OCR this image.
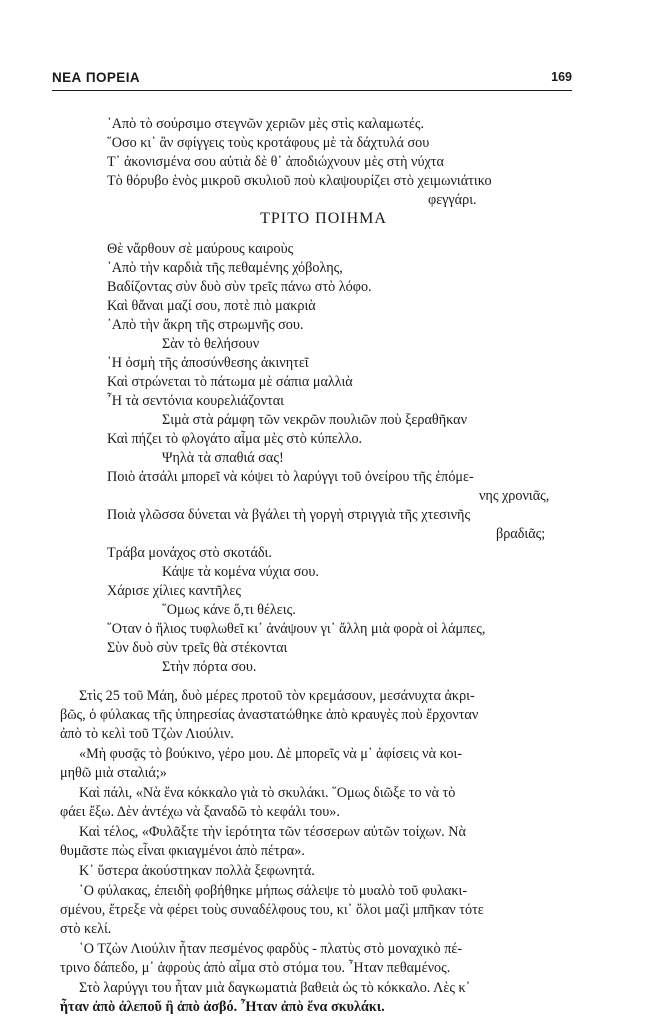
ΝΕΑ ΠΟΡΕΙΑ	169
᾿Απὸ τὸ σούρσιμο στεγνῶν χεριῶν μὲς στὶς καλαμωτές.
῞Οσο κι᾿ ἂν σφίγγεις τοὺς κροτάφους μὲ τὰ δάχτυλά σου
Τ᾿ ἀκονισμένα σου αὐτιὰ δὲ θ᾿ ἀποδιώχνουν μὲς στὴ νύχτα
Τὸ θόρυβο ἑνὸς μικροῦ σκυλιοῦ ποὺ κλαψουρίζει στὸ χειμωνιάτικο
φεγγάρι.
ΤΡΙΤΟ ΠΟΙΗΜΑ
Θὲ νἄρθουν σὲ μαύρους καιροὺς
᾿Απὸ τὴν καρδιὰ τῆς πεθαμένης χόβολης,
Βαδίζοντας σὺν δυὸ σὺν τρεῖς πάνω στὸ λόφο.
Καὶ θἄναι μαζί σου, ποτὲ πιὸ μακριὰ
᾿Απὸ τὴν ἄκρη τῆς στρωμνῆς σου.
Σὰν τὸ θελήσουν
῾Η ὀσμὴ τῆς ἀποσύνθεσης ἀκινητεῖ
Καὶ στρώνεται τὸ πάτωμα μὲ σάπια μαλλιὰ
῏Η τὰ σεντόνια κουρελιάζονται
Σιμὰ στὰ ράμφη τῶν νεκρῶν πουλιῶν ποὺ ξεραθῆκαν
Καὶ πήζει τὸ φλογάτο αἷμα μὲς στὸ κύπελλο.
Ψηλὰ τὰ σπαθιά σας!
Ποιὸ ἀτσάλι μπορεῖ νὰ κόψει τὸ λαρύγγι τοῦ ὀνείρου τῆς ἑπόμε-
νης χρονιᾶς,
Ποιὰ γλῶσσα δύνεται νὰ βγάλει τὴ γοργὴ στριγγιὰ τῆς χτεσινῆς
βραδιᾶς;
Τράβα μονάχος στὸ σκοτάδι.
Κάψε τὰ κομένα νύχια σου.
Χάρισε χίλιες καντῆλες
῞Ομως κάνε ὅ,τι θέλεις.
῞Οταν ὁ ἥλιος τυφλωθεῖ κι᾿ ἀνάψουν γι᾿ ἄλλη μιὰ φορὰ οἱ λάμπες,
Σὺν δυὸ σὺν τρεῖς θὰ στέκονται
Στὴν πόρτα σου.
Στὶς 25 τοῦ Μάη, δυὸ μέρες προτοῦ τὸν κρεμάσουν, μεσάνυχτα ἀκρι-
βῶς, ὁ φύλακας τῆς ὑπηρεσίας ἀναστατώθηκε ἀπὸ κραυγὲς ποὺ ἔρχονταν
ἀπὸ τὸ κελὶ τοῦ Τζὼν Λιούλιν.
«Μὴ φυσᾷς τὸ βούκινο, γέρο μου. Δὲ μπορεῖς νὰ μ᾿ ἀφίσεις νὰ κοι-
μηθῶ μιὰ σταλιά;»
Καὶ πάλι, «Νὰ ἕνα κόκκαλο γιὰ τὸ σκυλάκι. ῞Ομως διῶξε το νὰ τὸ
φάει ἔξω. Δὲν ἀντέχω νὰ ξαναδῶ τὸ κεφάλι του».
Καὶ τέλος, «Φυλᾶξτε τὴν ἱερότητα τῶν τέσσερων αὐτῶν τοίχων. Νὰ
θυμᾶστε πὼς εἶναι φκιαγμένοι ἀπὸ πέτρα».
Κ᾿ ὕστερα ἀκούστηκαν πολλὰ ξεφωνητά.
῾Ο φύλακας, ἐπειδὴ φοβήθηκε μήπως σάλεψε τὸ μυαλὸ τοῦ φυλακι-
σμένου, ἔτρεξε νὰ φέρει τοὺς συναδέλφους του, κι᾿ ὅλοι μαζὶ μπῆκαν τότε
στὸ κελί.
῾Ο Τζὼν Λιούλιν ἦταν πεσμένος φαρδὺς - πλατὺς στὸ μοναχικὸ πέ-
τρινο δάπεδο, μ᾿ ἀφροὺς ἀπὸ αἷμα στὸ στόμα του. ῏Ηταν πεθαμένος.
Στὸ λαρύγγι του ἦταν μιὰ δαγκωματιὰ βαθειὰ ὡς τὸ κόκκαλο. Λὲς κ᾿
ἦταν ἀπὸ ἀλεποῦ ἢ ἀπὸ ἀσβό. ῏Ηταν ἀπὸ ἕνα σκυλάκι.
